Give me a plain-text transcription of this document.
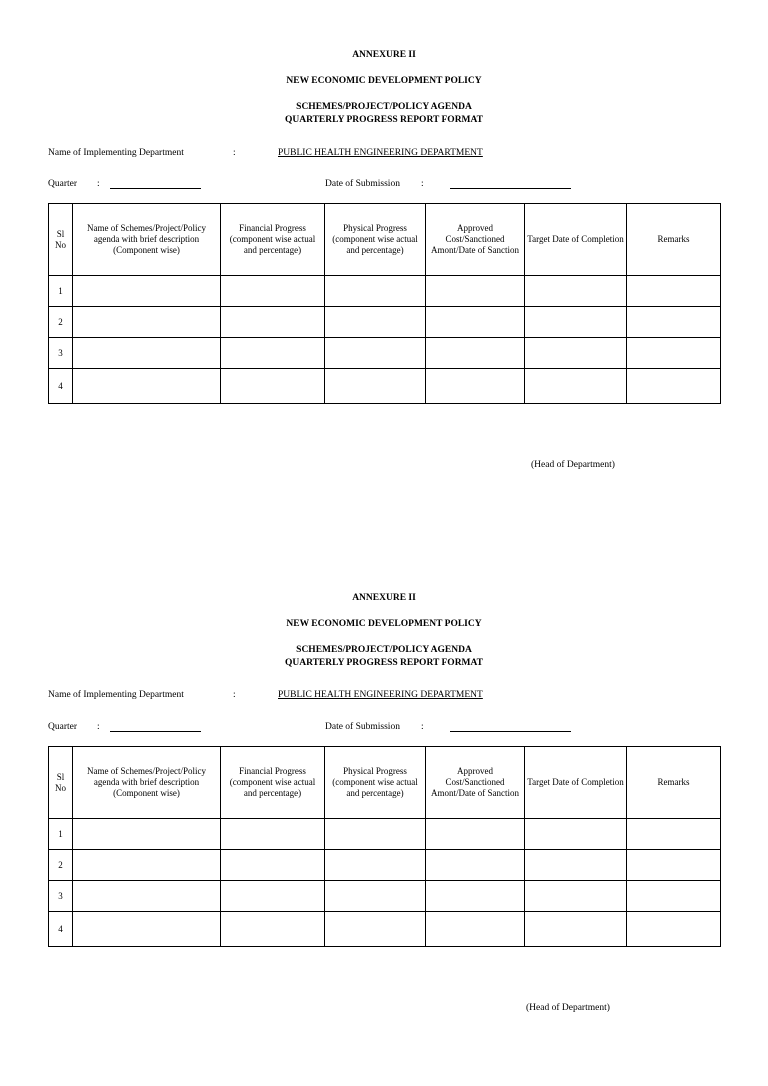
ANNEXURE II
NEW ECONOMIC DEVELOPMENT POLICY
SCHEMES/PROJECT/POLICY AGENDA
QUARTERLY PROGRESS REPORT FORMAT
Name of Implementing Department	:	PUBLIC HEALTH ENGINEERING DEPARTMENT
Quarter :	Date of Submission :
Sl No	Name of Schemes/Project/Policy agenda with brief description (Component wise)	Financial Progress (component wise actual and percentage)	Physical Progress (component wise actual and percentage)	Approved Cost/Sanctioned Amont/Date of Sanction	Target Date of Completion	Remarks
1						
2						
3						
4						
(Head of Department)
ANNEXURE II
NEW ECONOMIC DEVELOPMENT POLICY
SCHEMES/PROJECT/POLICY AGENDA
QUARTERLY PROGRESS REPORT FORMAT
Name of Implementing Department	:	PUBLIC HEALTH ENGINEERING DEPARTMENT
Quarter :	Date of Submission :
Sl No	Name of Schemes/Project/Policy agenda with brief description (Component wise)	Financial Progress (component wise actual and percentage)	Physical Progress (component wise actual and percentage)	Approved Cost/Sanctioned Amont/Date of Sanction	Target Date of Completion	Remarks
1						
2						
3						
4						
(Head of Department)
